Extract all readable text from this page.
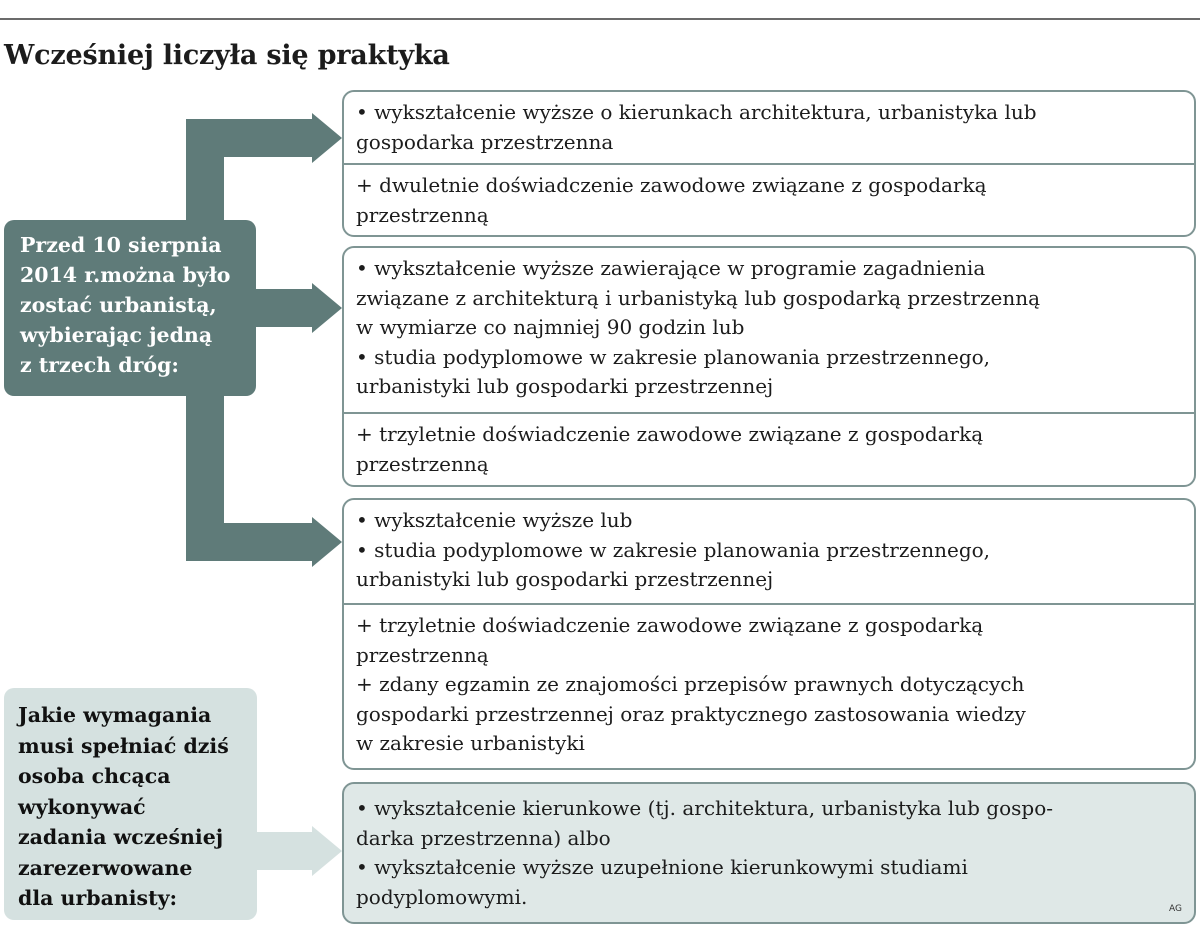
Wcześniej liczyła się praktyka
Przed 10 sierpnia
2014 r.można było
zostać urbanistą,
wybierając jedną
z trzech dróg:
Jakie wymagania
musi spełniać dziś
osoba chcąca
wykonywać
zadania wcześniej
zarezerwowane
dla urbanisty:
• wykształcenie wyższe o kierunkach architektura, urbanistyka lub
gospodarka przestrzenna
+ dwuletnie doświadczenie zawodowe związane z gospodarką
przestrzenną
• wykształcenie wyższe zawierające w programie zagadnienia
związane z architekturą i urbanistyką lub gospodarką przestrzenną
w wymiarze co najmniej 90 godzin lub
• studia podyplomowe w zakresie planowania przestrzennego,
urbanistyki lub gospodarki przestrzennej
+ trzyletnie doświadczenie zawodowe związane z gospodarką
przestrzenną
• wykształcenie wyższe lub
• studia podyplomowe w zakresie planowania przestrzennego,
urbanistyki lub gospodarki przestrzennej
+ trzyletnie doświadczenie zawodowe związane z gospodarką
przestrzenną
+ zdany egzamin ze znajomości przepisów prawnych dotyczących
gospodarki przestrzennej oraz praktycznego zastosowania wiedzy
w zakresie urbanistyki
• wykształcenie kierunkowe (tj. architektura, urbanistyka lub gospo-
darka przestrzenna) albo
• wykształcenie wyższe uzupełnione kierunkowymi studiami
podyplomowymi.
AG
